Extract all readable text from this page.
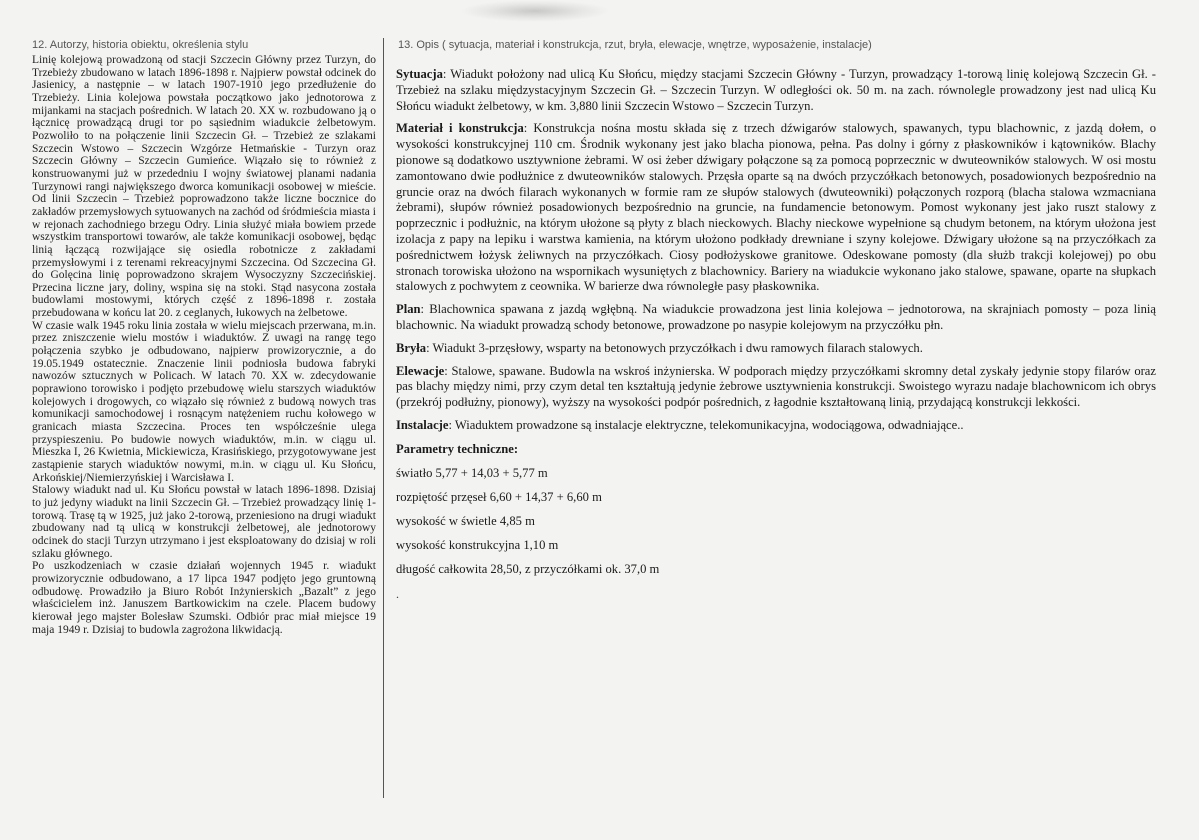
12. Autorzy, historia obiektu, określenia stylu

Linię kolejową prowadzoną od stacji Szczecin Główny przez Turzyn, do Trzebieży zbudowano w latach 1896-1898 r. Najpierw powstał odcinek do Jasienicy, a następnie – w latach 1907-1910 jego przedłużenie do Trzebieży. Linia kolejowa powstała początkowo jako jednotorowa z mijankami na stacjach pośrednich. W latach 20. XX w. rozbudowano ją o łącznicę prowadzącą drugi tor po sąsiednim wiadukcie żelbetowym. Pozwoliło to na połączenie linii Szczecin Gł. – Trzebież ze szlakami Szczecin Wstowo – Szczecin Wzgórze Hetmańskie - Turzyn oraz Szczecin Główny – Szczecin Gumieńce. Wiązało się to również z konstruowanymi już w przededniu I wojny światowej planami nadania Turzynowi rangi największego dworca komunikacji osobowej w mieście. Od linii Szczecin – Trzebież poprowadzono także liczne bocznice do zakładów przemysłowych sytuowanych na zachód od śródmieścia miasta i w rejonach zachodniego brzegu Odry. Linia służyć miała bowiem przede wszystkim transportowi towarów, ale także komunikacji osobowej, będąc linią łączącą rozwijające się osiedla robotnicze z zakładami przemysłowymi i z terenami rekreacyjnymi Szczecina. Od Szczecina Gł. do Golęcina linię poprowadzono skrajem Wysoczyzny Szczecińskiej. Przecina liczne jary, doliny, wspina się na stoki. Stąd nasycona została budowlami mostowymi, których część z 1896-1898 r. została przebudowana w końcu lat 20. z ceglanych, łukowych na żelbetowe.

W czasie walk 1945 roku linia została w wielu miejscach przerwana, m.in. przez zniszczenie wielu mostów i wiaduktów. Z uwagi na rangę tego połączenia szybko je odbudowano, najpierw prowizorycznie, a do 19.05.1949 ostatecznie. Znaczenie linii podniosła budowa fabryki nawozów sztucznych w Policach. W latach 70. XX w. zdecydowanie poprawiono torowisko i podjęto przebudowę wielu starszych wiaduktów kolejowych i drogowych, co wiązało się również z budową nowych tras komunikacji samochodowej i rosnącym natężeniem ruchu kołowego w granicach miasta Szczecina. Proces ten współcześnie ulega przyspieszeniu. Po budowie nowych wiaduktów, m.in. w ciągu ul. Mieszka I, 26 Kwietnia, Mickiewicza, Krasińskiego, przygotowywane jest zastąpienie starych wiaduktów nowymi, m.in. w ciągu ul. Ku Słońcu, Arkońskiej/Niemierzyńskiej i Warcisława I.

Stalowy wiadukt nad ul. Ku Słońcu powstał w latach 1896-1898. Dzisiaj to już jedyny wiadukt na linii Szczecin Gł. – Trzebież prowadzący linię 1-torową. Trasę tą w 1925, już jako 2-torową, przeniesiono na drugi wiadukt zbudowany nad tą ulicą w konstrukcji żelbetowej, ale jednotorowy odcinek do stacji Turzyn utrzymano i jest eksploatowany do dzisiaj w roli szlaku głównego.

Po uszkodzeniach w czasie działań wojennych 1945 r. wiadukt prowizorycznie odbudowano, a 17 lipca 1947 podjęto jego gruntowną odbudowę. Prowadziło ja Biuro Robót Inżynierskich „Bazalt” z jego właścicielem inż. Januszem Bartkowickim na czele. Placem budowy kierował jego majster Bolesław Szumski. Odbiór prac miał miejsce 19 maja 1949 r. Dzisiaj to budowla zagrożona likwidacją.

13. Opis ( sytuacja, materiał i konstrukcja, rzut, bryła, elewacje, wnętrze, wyposażenie, instalacje)

Sytuacja: Wiadukt położony nad ulicą Ku Słońcu, między stacjami Szczecin Główny - Turzyn, prowadzący 1-torową linię kolejową Szczecin Gł. - Trzebież na szlaku międzystacyjnym Szczecin Gł. – Szczecin Turzyn. W odległości ok. 50 m. na zach. równolegle prowadzony jest nad ulicą Ku Słońcu wiadukt żelbetowy, w km. 3,880 linii Szczecin Wstowo – Szczecin Turzyn.

Materiał i konstrukcja: Konstrukcja nośna mostu składa się z trzech dźwigarów stalowych, spawanych, typu blachownic, z jazdą dołem, o wysokości konstrukcyjnej 110 cm. Środnik wykonany jest jako blacha pionowa, pełna. Pas dolny i górny z płaskowników i kątowników. Blachy pionowe są dodatkowo usztywnione żebrami. W osi żeber dźwigary połączone są za pomocą poprzecznic w dwuteowników stalowych. W osi mostu zamontowano dwie podłużnice z dwuteowników stalowych. Przęsła oparte są na dwóch przyczółkach betonowych, posadowionych bezpośrednio na gruncie oraz na dwóch filarach wykonanych w formie ram ze słupów stalowych (dwuteowniki) połączonych rozporą (blacha stalowa wzmacniana żebrami), słupów również posadowionych bezpośrednio na gruncie, na fundamencie betonowym. Pomost wykonany jest jako ruszt stalowy z poprzecznic i podłużnic, na którym ułożone są płyty z blach nieckowych. Blachy nieckowe wypełnione są chudym betonem, na którym ułożona jest izolacja z papy na lepiku i warstwa kamienia, na którym ułożono podkłady drewniane i szyny kolejowe. Dźwigary ułożone są na przyczółkach za pośrednictwem łożysk żeliwnych na przyczółkach. Ciosy podłożyskowe granitowe. Odeskowane pomosty (dla służb trakcji kolejowej) po obu stronach torowiska ułożono na wspornikach wysuniętych z blachownicy. Bariery na wiadukcie wykonano jako stalowe, spawane, oparte na słupkach stalowych z pochwytem z ceownika. W barierze dwa równoległe pasy płaskownika.

Plan: Blachownica spawana z jazdą wgłębną. Na wiadukcie prowadzona jest linia kolejowa – jednotorowa, na skrajniach pomosty – poza linią blachownic. Na wiadukt prowadzą schody betonowe, prowadzone po nasypie kolejowym na przyczółku płn.

Bryła: Wiadukt 3-przęsłowy, wsparty na betonowych przyczółkach i dwu ramowych filarach stalowych.

Elewacje: Stalowe, spawane. Budowla na wskroś inżynierska. W podporach między przyczółkami skromny detal zyskały jedynie stopy filarów oraz pas blachy między nimi, przy czym detal ten kształtują jedynie żebrowe usztywnienia konstrukcji. Swoistego wyrazu nadaje blachownicom ich obrys (przekrój podłużny, pionowy), wyższy na wysokości podpór pośrednich, z łagodnie kształtowaną linią, przydającą konstrukcji lekkości.

Instalacje: Wiaduktem prowadzone są instalacje elektryczne, telekomunikacyjna, wodociągowa, odwadniające..

Parametry techniczne:

światło 5,77 + 14,03 + 5,77 m

rozpiętość przęseł 6,60 + 14,37 + 6,60 m

wysokość w świetle 4,85 m

wysokość konstrukcyjna 1,10 m

długość całkowita 28,50, z przyczółkami ok. 37,0 m

.
